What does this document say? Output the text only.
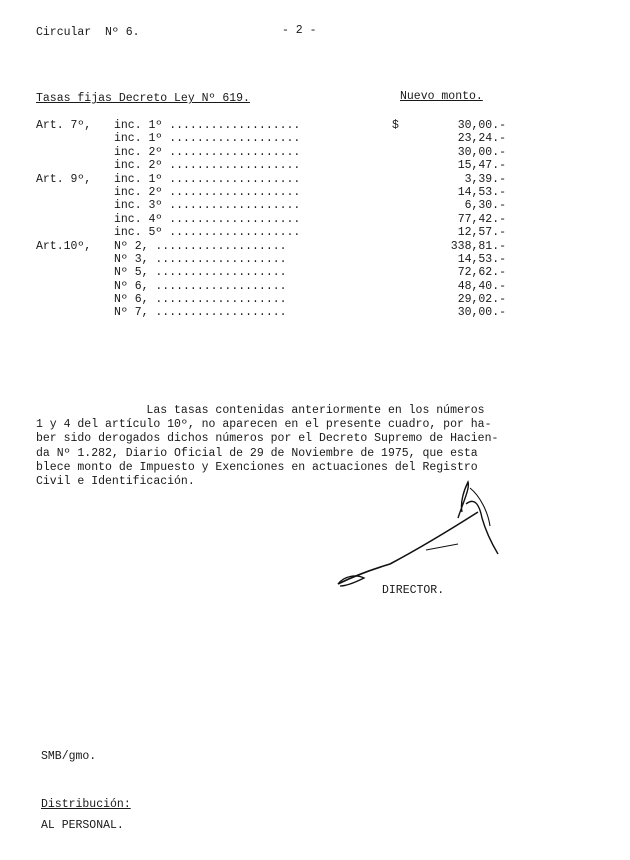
Circular  Nº 6.	- 2 -
Tasas fijas Decreto Ley Nº 619.	Nuevo monto.
Art. 7º, inc. 1º ...................	$	30,00.-
inc. 1º ...................	23,24.-
inc. 2º ...................	30,00.-
inc. 2º ...................	15,47.-
Art. 9º, inc. 1º ...................	3,39.-
inc. 2º ...................	14,53.-
inc. 3º ...................	6,30.-
inc. 4º ...................	77,42.-
inc. 5º ...................	12,57.-
Art.10º, Nº 2, ...................	338,81.-
Nº 3, ...................	14,53.-
Nº 5, ...................	72,62.-
Nº 6, ...................	48,40.-
Nº 6, ...................	29,02.-
Nº 7, ...................	30,00.-
Las tasas contenidas anteriormente en los números
1 y 4 del artículo 10º, no aparecen en el presente cuadro, por ha-
ber sido derogados dichos números por el Decreto Supremo de Hacien-
da Nº 1.282, Diario Oficial de 29 de Noviembre de 1975, que esta
blece monto de Impuesto y Exenciones en actuaciones del Registro
Civil e Identificación.
DIRECTOR.
SMB/gmo.
Distribución:
AL PERSONAL.
